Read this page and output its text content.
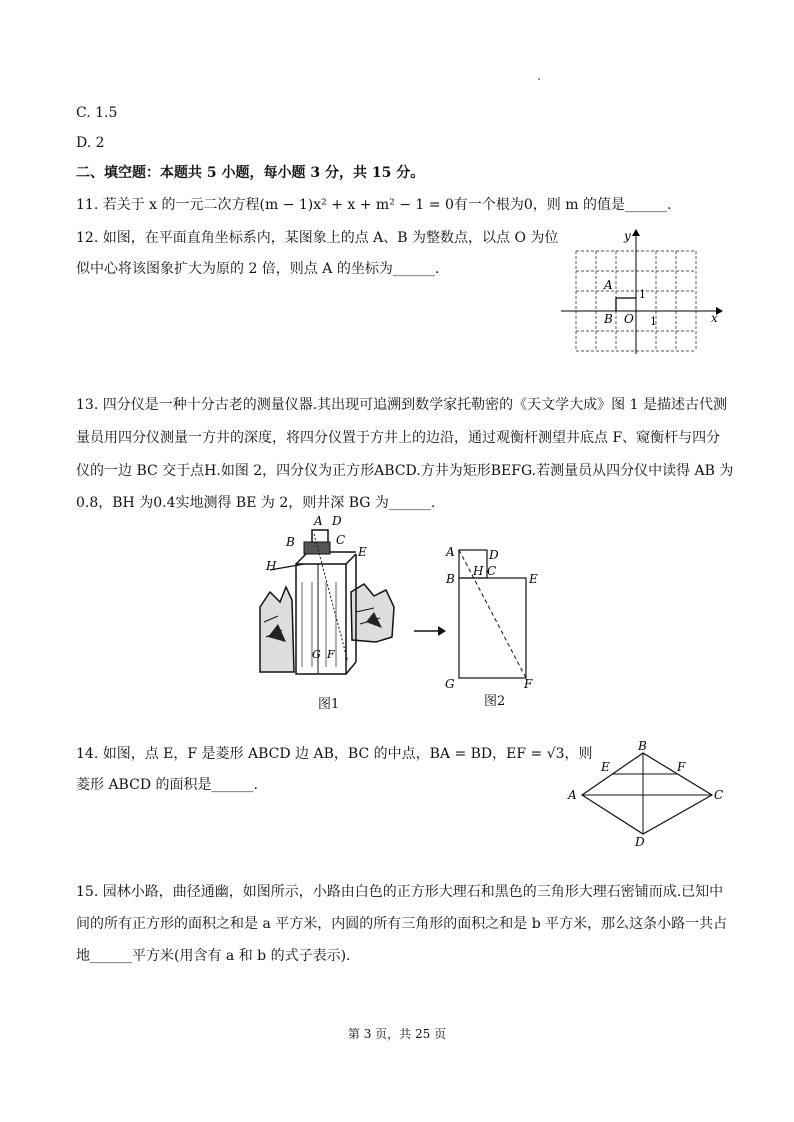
C. 1.5
D. 2
二、填空题：本题共 5 小题，每小题 3 分，共 15 分。
11. 若关于 x 的一元二次方程(m − 1)x² + x + m² − 1 = 0有一个根为0，则 m 的值是______.
12. 如图，在平面直角坐标系内，某图象上的点 A、B 为整数点，以点 O 为位
似中心将该图象扩大为原的 2 倍，则点 A 的坐标为______.
y
x
A
B O 1
1
13. 四分仪是一种十分古老的测量仪器.其出现可追溯到数学家托勒密的《天文学大成》图 1 是描述古代测
量员用四分仪测量一方井的深度，将四分仪置于方井上的边沿，通过观衡杆测望井底点 F、窥衡杆与四分
仪的一边 BC 交于点H.如图 2，四分仪为正方形ABCD.方井为矩形BEFG.若测量员从四分仪中读得 AB 为
0.8，BH 为0.4实地测得 BE 为 2，则井深 BG 为______.
A D
B	C
E
H
G F
图1
A	D
B
H C
E
G	F
图2
14. 如图，点 E，F 是菱形 ABCD 边 AB，BC 的中点，BA = BD，EF = √3，则
菱形 ABCD 的面积是______.
B
A	C
D
E	F
15. 园林小路，曲径通幽，如图所示，小路由白色的正方形大理石和黑色的三角形大理石密铺而成.已知中
间的所有正方形的面积之和是 a 平方米，内圆的所有三角形的面积之和是 b 平方米，那么这条小路一共占
地______平方米(用含有 a 和 b 的式子表示).
第 3 页，共 25 页
